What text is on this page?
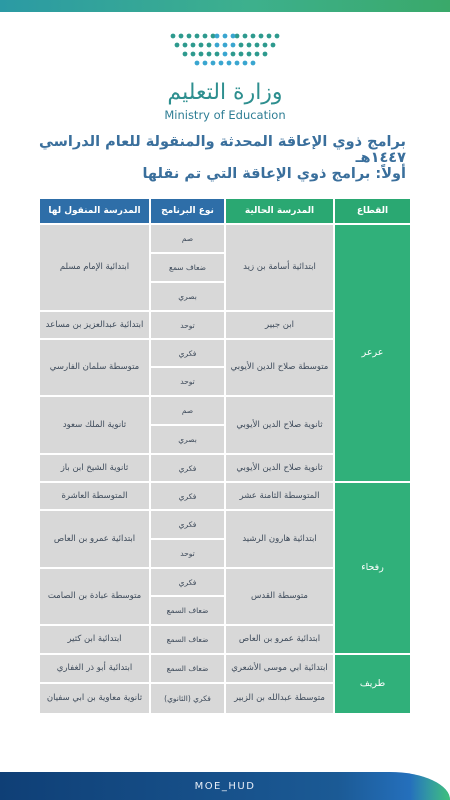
وزارة التعليم
Ministry of Education
برامج ذوي الإعاقة المحدثة والمنقولة للعام الدراسي ١٤٤٧هـ
أولاً: برامج ذوي الإعاقة التي تم نقلها
القطاع
المدرسة الحالية
نوع البرنامج
المدرسة المنقول لها
عرعر
رفحاء
طريف
ابتدائية أسامة بن زيد
ابن جبير
متوسطة صلاح الدين الأيوبي
ثانوية صلاح الدين الأيوبي
ثانوية صلاح الدين الأيوبي
المتوسطة الثامنة عشر
ابتدائية هارون الرشيد
متوسطة القدس
ابتدائية عمرو بن العاص
ابتدائية ابي موسى الأشعري
متوسطة عبدالله بن الزبير
صم
ضعاف سمع
بصري
توحد
فكري
توحد
صم
بصري
فكري
فكري
فكري
توحد
فكري
ضعاف السمع
ضعاف السمع
ضعاف السمع
فكري (الثانوي)
ابتدائية الإمام مسلم
ابتدائية عبدالعزيز بن مساعد
متوسطة سلمان الفارسي
ثانوية الملك سعود
ثانوية الشيخ ابن باز
المتوسطة العاشرة
ابتدائية عمرو بن العاص
متوسطة عبادة بن الصامت
ابتدائية ابن كثير
ابتدائية أبو ذر الغفاري
ثانوية معاوية بن ابي سفيان
MOE_HUD
